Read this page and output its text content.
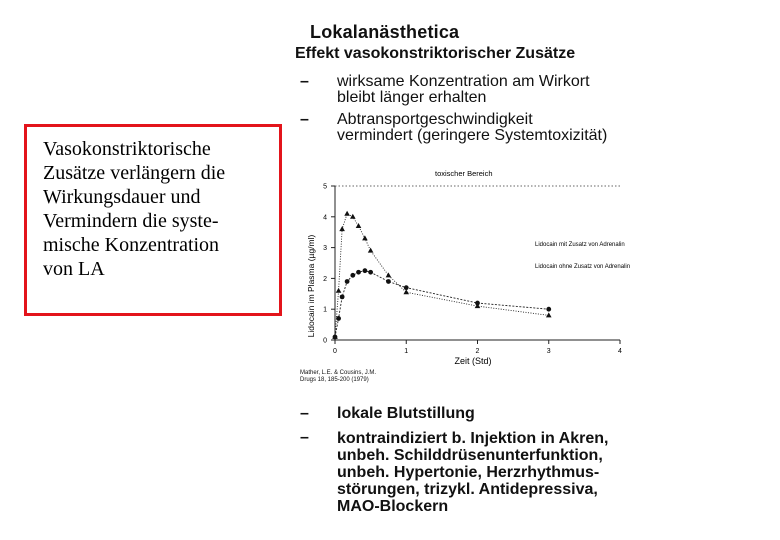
Vasokonstriktorische
Zusätze verlängern die
Wirkungsdauer und
Vermindern die syste-
mische Konzentration
von LA

Lokalanästhetica
Effekt vasokonstriktorischer Zusätze
– wirksame Konzentration am Wirkort
bleibt länger erhalten
– Abtransportgeschwindigkeit
vermindert (geringere Systemtoxizität)
0	1	2	3	4
0
1
2
3
4
5
Lidocain im Plasma (µg/ml)
Zeit (Std)
toxischer Bereich
Lidocain mit Zusatz von Adrenalin
Lidocain ohne Zusatz von Adrenalin
Mather, L.E. & Cousins, J.M.
Drugs 18, 185-200 (1979)
– lokale Blutstillung
– kontraindiziert b. Injektion in Akren,
unbeh. Schilddrüsenunterfunktion,
unbeh. Hypertonie, Herzrhythmus-
störungen, trizykl. Antidepressiva,
MAO-Blockern
